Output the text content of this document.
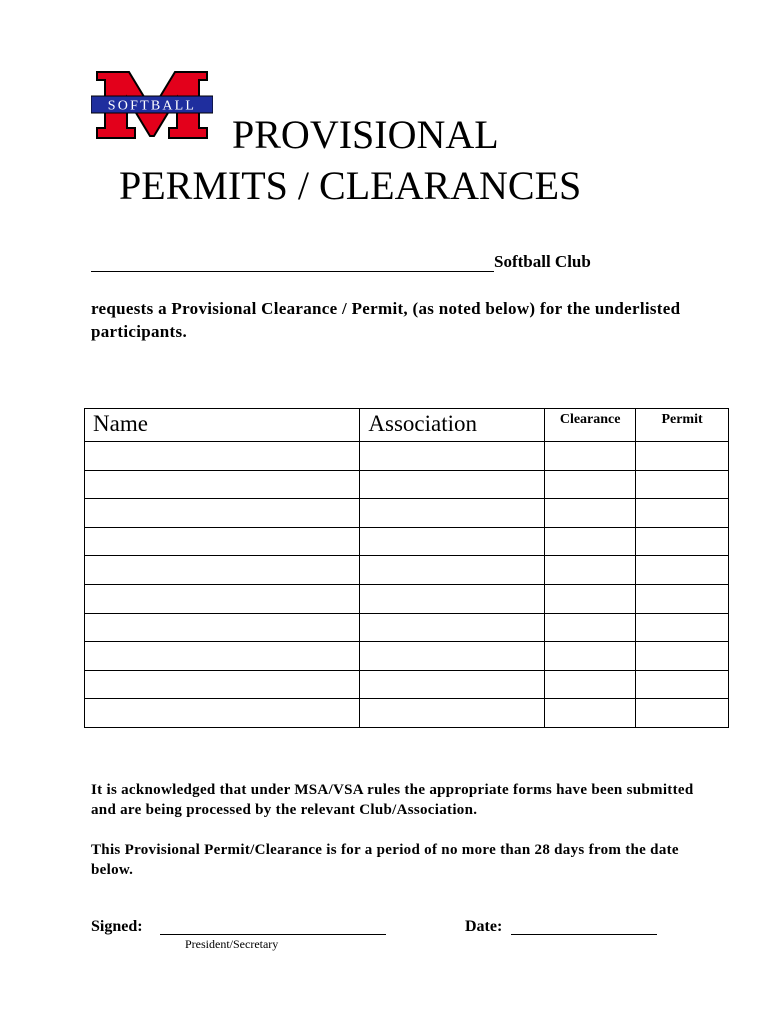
SOFTBALL
PROVISIONAL
PERMITS / CLEARANCES
Softball Club
requests a Provisional Clearance / Permit, (as noted below) for the underlisted participants.
Name	Association	Clearance	Permit

It is acknowledged that under MSA/VSA rules the appropriate forms have been submitted and are being processed by the relevant Club/Association.
This Provisional Permit/Clearance is for a period of no more than 28 days from the date below.
Signed:
President/Secretary
Date:
